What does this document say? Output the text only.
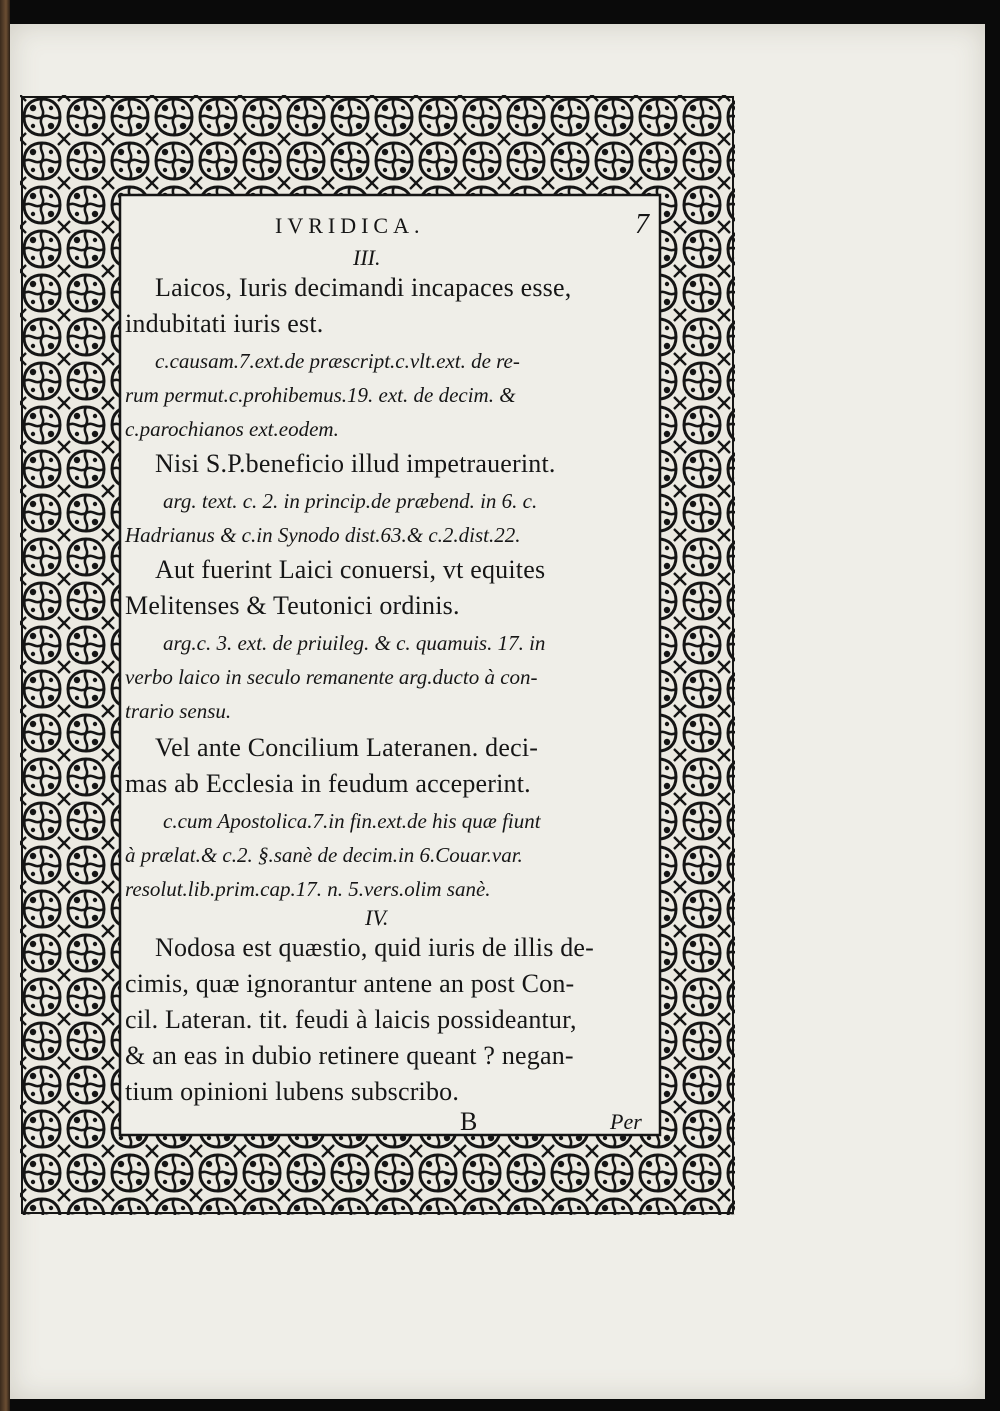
IVRIDICA.	7
III.
Laicos, Iuris decimandi incapaces esse,
indubitati iuris est.
c.causam.7.ext.de præscript.c.vlt.ext. de re-
rum permut.c.prohibemus.19. ext. de decim. &
c.parochianos ext.eodem.
Nisi S.P.beneficio illud impetrauerint.
arg. text. c. 2. in princip.de præbend. in 6. c.
Hadrianus & c.in Synodo dist.63.& c.2.dist.22.
Aut fuerint Laici conuersi, vt equites
Melitenses & Teutonici ordinis.
arg.c. 3. ext. de priuileg. & c. quamuis. 17. in
verbo laico in seculo remanente arg.ducto à con-
trario sensu.
Vel ante Concilium Lateranen. deci-
mas ab Ecclesia in feudum acceperint.
c.cum Apostolica.7.in fin.ext.de his quæ fiunt
à prælat.& c.2. §.sanè de decim.in 6.Couar.var.
resolut.lib.prim.cap.17. n. 5.vers.olim sanè.
IV.
Nodosa est quæstio, quid iuris de illis de-
cimis, quæ ignorantur antene an post Con-
cil. Lateran. tit. feudi à laicis possideantur,
& an eas in dubio retinere queant ? negan-
tium opinioni lubens subscribo.
B	Per
